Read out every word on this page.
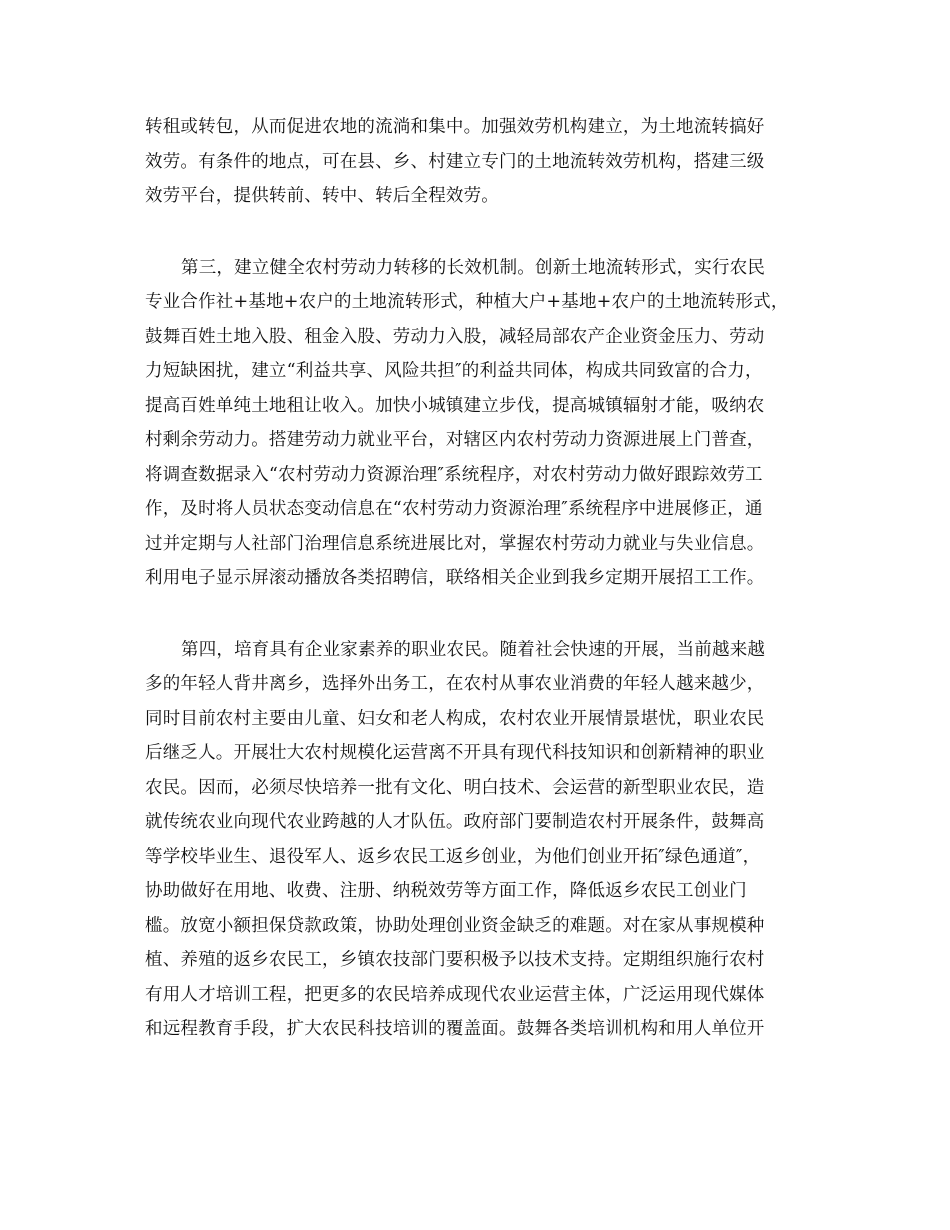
转租或转包，从而促进农地的流淌和集中。加强效劳机构建立，为土地流转搞好
效劳。有条件的地点，可在县、乡、村建立专门的土地流转效劳机构，搭建三级
效劳平台，提供转前、转中、转后全程效劳。

第三，建立健全农村劳动力转移的长效机制。创新土地流转形式，实行农民
专业合作社+基地+农户的土地流转形式，种植大户+基地+农户的土地流转形式，
鼓舞百姓土地入股、租金入股、劳动力入股，减轻局部农产企业资金压力、劳动
力短缺困扰，建立“利益共享、风险共担″的利益共同体，构成共同致富的合力，
提高百姓单纯土地租让收入。加快小城镇建立步伐，提高城镇辐射才能，吸纳农
村剩余劳动力。搭建劳动力就业平台，对辖区内农村劳动力资源进展上门普查，
将调查数据录入“农村劳动力资源治理″系统程序，对农村劳动力做好跟踪效劳工
作，及时将人员状态变动信息在“农村劳动力资源治理″系统程序中进展修正，通
过并定期与人社部门治理信息系统进展比对，掌握农村劳动力就业与失业信息。
利用电子显示屏滚动播放各类招聘信，联络相关企业到我乡定期开展招工工作。

第四，培育具有企业家素养的职业农民。随着社会快速的开展，当前越来越
多的年轻人背井离乡，选择外出务工，在农村从事农业消费的年轻人越来越少，
同时目前农村主要由儿童、妇女和老人构成，农村农业开展情景堪忧，职业农民
后继乏人。开展壮大农村规模化运营离不开具有现代科技知识和创新精神的职业
农民。因而，必须尽快培养一批有文化、明白技术、会运营的新型职业农民，造
就传统农业向现代农业跨越的人才队伍。政府部门要制造农村开展条件，鼓舞高
等学校毕业生、退役军人、返乡农民工返乡创业，为他们创业开拓″绿色通道″，
协助做好在用地、收费、注册、纳税效劳等方面工作，降低返乡农民工创业门
槛。放宽小额担保贷款政策，协助处理创业资金缺乏的难题。对在家从事规模种
植、养殖的返乡农民工，乡镇农技部门要积极予以技术支持。定期组织施行农村
有用人才培训工程，把更多的农民培养成现代农业运营主体，广泛运用现代媒体
和远程教育手段，扩大农民科技培训的覆盖面。鼓舞各类培训机构和用人单位开
